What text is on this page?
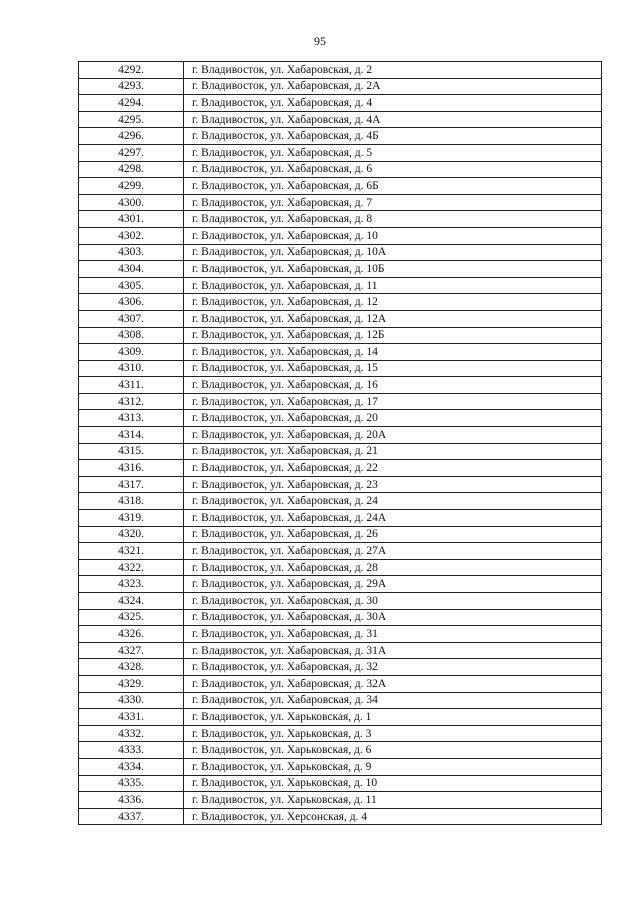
95
4292.	г. Владивосток, ул. Хабаровская, д. 2
4293.	г. Владивосток, ул. Хабаровская, д. 2А
4294.	г. Владивосток, ул. Хабаровская, д. 4
4295.	г. Владивосток, ул. Хабаровская, д. 4А
4296.	г. Владивосток, ул. Хабаровская, д. 4Б
4297.	г. Владивосток, ул. Хабаровская, д. 5
4298.	г. Владивосток, ул. Хабаровская, д. 6
4299.	г. Владивосток, ул. Хабаровская, д. 6Б
4300.	г. Владивосток, ул. Хабаровская, д. 7
4301.	г. Владивосток, ул. Хабаровская, д. 8
4302.	г. Владивосток, ул. Хабаровская, д. 10
4303.	г. Владивосток, ул. Хабаровская, д. 10А
4304.	г. Владивосток, ул. Хабаровская, д. 10Б
4305.	г. Владивосток, ул. Хабаровская, д. 11
4306.	г. Владивосток, ул. Хабаровская, д. 12
4307.	г. Владивосток, ул. Хабаровская, д. 12А
4308.	г. Владивосток, ул. Хабаровская, д. 12Б
4309.	г. Владивосток, ул. Хабаровская, д. 14
4310.	г. Владивосток, ул. Хабаровская, д. 15
4311.	г. Владивосток, ул. Хабаровская, д. 16
4312.	г. Владивосток, ул. Хабаровская, д. 17
4313.	г. Владивосток, ул. Хабаровская, д. 20
4314.	г. Владивосток, ул. Хабаровская, д. 20А
4315.	г. Владивосток, ул. Хабаровская, д. 21
4316.	г. Владивосток, ул. Хабаровская, д. 22
4317.	г. Владивосток, ул. Хабаровская, д. 23
4318.	г. Владивосток, ул. Хабаровская, д. 24
4319.	г. Владивосток, ул. Хабаровская, д. 24А
4320.	г. Владивосток, ул. Хабаровская, д. 26
4321.	г. Владивосток, ул. Хабаровская, д. 27А
4322.	г. Владивосток, ул. Хабаровская, д. 28
4323.	г. Владивосток, ул. Хабаровская, д. 29А
4324.	г. Владивосток, ул. Хабаровская, д. 30
4325.	г. Владивосток, ул. Хабаровская, д. 30А
4326.	г. Владивосток, ул. Хабаровская, д. 31
4327.	г. Владивосток, ул. Хабаровская, д. 31А
4328.	г. Владивосток, ул. Хабаровская, д. 32
4329.	г. Владивосток, ул. Хабаровская, д. 32А
4330.	г. Владивосток, ул. Хабаровская, д. 34
4331.	г. Владивосток, ул. Харьковская, д. 1
4332.	г. Владивосток, ул. Харьковская, д. 3
4333.	г. Владивосток, ул. Харьковская, д. 6
4334.	г. Владивосток, ул. Харьковская, д. 9
4335.	г. Владивосток, ул. Харьковская, д. 10
4336.	г. Владивосток, ул. Харьковская, д. 11
4337.	г. Владивосток, ул. Херсонская, д. 4
